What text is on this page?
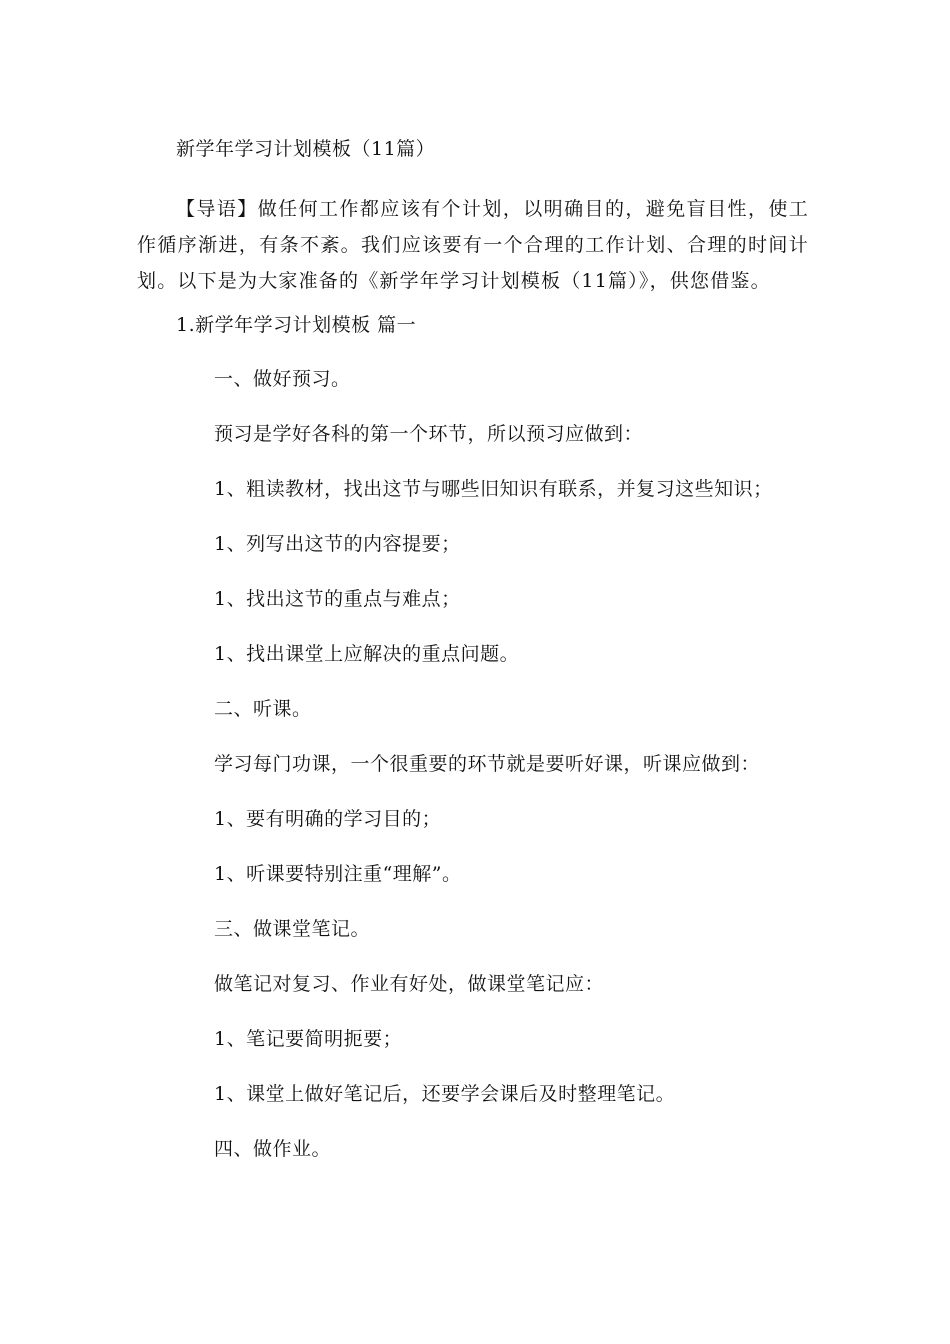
新学年学习计划模板（11篇）
【导语】做任何工作都应该有个计划，以明确目的，避免盲目性，使工作循序渐进，有条不紊。我们应该要有一个合理的工作计划、合理的时间计划。以下是为大家准备的《新学年学习计划模板（11篇）》，供您借鉴。
1.新学年学习计划模板 篇一
一、做好预习。
预习是学好各科的第一个环节，所以预习应做到：
1、粗读教材，找出这节与哪些旧知识有联系，并复习这些知识；
1、列写出这节的内容提要；
1、找出这节的重点与难点；
1、找出课堂上应解决的重点问题。
二、听课。
学习每门功课，一个很重要的环节就是要听好课，听课应做到：
1、要有明确的学习目的；
1、听课要特别注重“理解”。
三、做课堂笔记。
做笔记对复习、作业有好处，做课堂笔记应：
1、笔记要简明扼要；
1、课堂上做好笔记后，还要学会课后及时整理笔记。
四、做作业。
